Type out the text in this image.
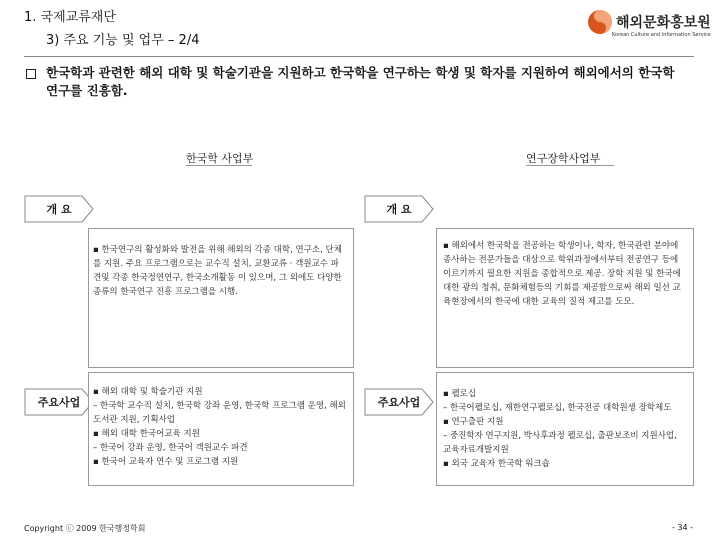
1. 국제교류재단
3) 주요 기능 및 업무 – 2/4
해외문화홍보원
Korean Culture and Information Service
한국학과 관련한 해외 대학 및 학술기관을 지원하고 한국학을 연구하는 학생 및 학자를 지원하여 해외에서의 한국학 연구를 진흥함.
한국학 사업부	연구장학사업부
개 요
▪ 한국연구의 활성화와 발전을 위해 해외의 각종 대학, 연구소, 단체를 지원. 주요 프로그램으로는 교수직 설치, 교환교류 · 객원교수 파견및 각종 한국정연연구, 한국소개활동 이 있으며, 그 외에도 다양한 종류의 한국연구 진흥 프로그램을 시행.
개 요
▪ 해외에서 한국학을 전공하는 학생이나, 학자, 한국관련 분야에 종사하는 전문가들을 대상으로 학위과정에서부터 전공연구 등에 이르기까지 필요한 지원을 종합적으로 제공. 장학 지원 및 한국에 대한 광의 청취, 문화체험등의 기회를 제공함으로써 해외 일선 교육현장에서의 한국에 대한 교육의 질적 제고를 도모.
주요사업
▪ 해외 대학 및 학술기관 지원
– 한국학 교수직 설치, 한국학 강좌 운영, 한국학 프로그램 운영, 해외 도서관 지원, 기획사업
▪ 해외 대학 한국어교육 지원
– 한국어 강좌 운영, 한국어 객원교수 파견
▪ 한국어 교육자 연수 및 프로그램 지원
주요사업
▪ 펠로십
– 한국어펠로십, 재한연구펠로십, 한국전공 대학원생 장학제도
▪ 연구출판 지원
– 중진학자 연구지원, 박사후과정 펠로십, 출판보조비 지원사업, 교육자료개발지원
▪ 외국 교육자 한국학 워크숍
Copyright ⓒ 2009 한국행정학회	- 34 -
